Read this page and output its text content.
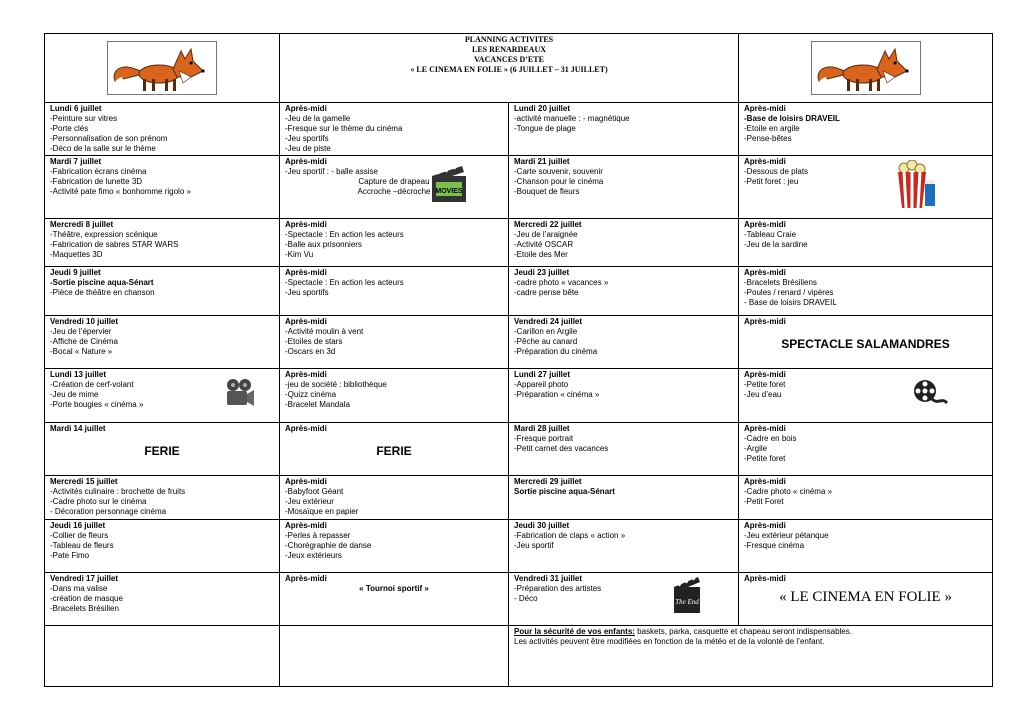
PLANNING ACTIVITES
LES RENARDEAUX
VACANCES D’ETE
« LE CINEMA EN FOLIE » (6 JUILLET – 31 JUILLET)

Lundi 6 juillet
-Peinture sur vitres
-Porte clés
-Personnalisation de son prénom
-Déco de la salle sur le thème	Après-midi
-Jeu de la gamelle
-Fresque sur le thème du cinéma
-Jeu sportifs
-Jeu de piste	Lundi 20 juillet
-activité manuelle : - magnétique
-Tongue de plage	Après-midi
-Base de loisirs DRAVEIL
-Etoile en argile
-Pense-bêtes

Mardi 7 juillet
-Fabrication écrans cinéma
-Fabrication de lunette 3D
-Activité pate fimo « bonhomme rigolo »	Après-midi
-Jeu sportif : - balle assise
Capture de drapeau
Accroche –décroche MOVIES	Mardi 21 juillet
-Carte souvenir, souvenir
-Chanson pour le cinéma
-Bouquet de fleurs	Après-midi
-Dessous de plats
-Petit foret : jeu

Mercredi 8 juillet
-Théâtre, expression scénique
-Fabrication de sabres STAR WARS
-Maquettes 3D	Après-midi
-Spectacle : En action les acteurs
-Balle aux prisonniers
-Kim Vu	Mercredi 22 juillet
-Jeu de l’araignée
-Activité OSCAR
-Etoile des Mer	Après-midi
-Tableau Craie
-Jeu de la sardine

Jeudi 9 juillet
-Sortie piscine aqua-Sénart
-Pièce de théâtre en chanson	Après-midi
-Spectacle : En action les acteurs
-Jeu sportifs	Jeudi 23 juillet
-cadre photo « vacances »
-cadre pense bête	Après-midi
-Bracelets Brésiliens
-Poules / renard / vipères
- Base de loisirs DRAVEIL

Vendredi 10 juillet
-Jeu de l’épervier
-Affiche de Cinéma
-Bocal « Nature »	Après-midi
-Activité moulin à vent
-Etoiles de stars
-Oscars en 3d	Vendredi 24 juillet
-Carillon en Argile
-Pêche au canard
-Préparation du cinéma	Après-midi
SPECTACLE SALAMANDRES

Lundi 13 juillet
-Création de cerf-volant
-Jeu de mime
-Porte bougies « cinéma »	Après-midi
-jeu de société : bibliothèque
-Quizz cinéma
-Bracelet Mandala	Lundi 27 juillet
-Appareil photo
-Préparation « cinéma »	Après-midi
-Petite foret
-Jeu d’eau

Mardi 14 juillet
FERIE	Après-midi
FERIE	Mardi 28 juillet
-Fresque portrait
-Petit carnet des vacances	Après-midi
-Cadre en bois
-Argile
-Petite foret

Mercredi 15 juillet
-Activités culinaire : brochette de fruits
-Cadre photo sur le cinéma
- Décoration personnage cinéma	Après-midi
-Babyfoot Géant
-Jeu extérieur
-Mosaïque en papier	Mercredi 29 juillet
Sortie piscine aqua-Sénart	Après-midi
-Cadre photo « cinéma »
-Petit Foret

Jeudi 16 juillet
-Collier de fleurs
-Tableau de fleurs
-Pate Fimo	Après-midi
-Perles à repasser
-Chorégraphie de danse
-Jeux extérieurs	Jeudi 30 juillet
-Fabrication de claps « action »
-Jeu sportif	Après-midi
-Jeu extérieur pétanque
-Fresque cinéma

Vendredi 17 juillet
-Dans ma valise
-création de masque
-Bracelets Brésilien	Après-midi
« Tournoi sportif »	Vendredi 31 juillet
-Préparation des artistes
- Déco The End	Après-midi
« LE CINEMA EN FOLIE »

		Pour la sécurité de vos enfants: baskets, parka, casquette et chapeau seront indispensables.
Les activités peuvent être modifiées en fonction de la météo et de la volonté de l’enfant.	
